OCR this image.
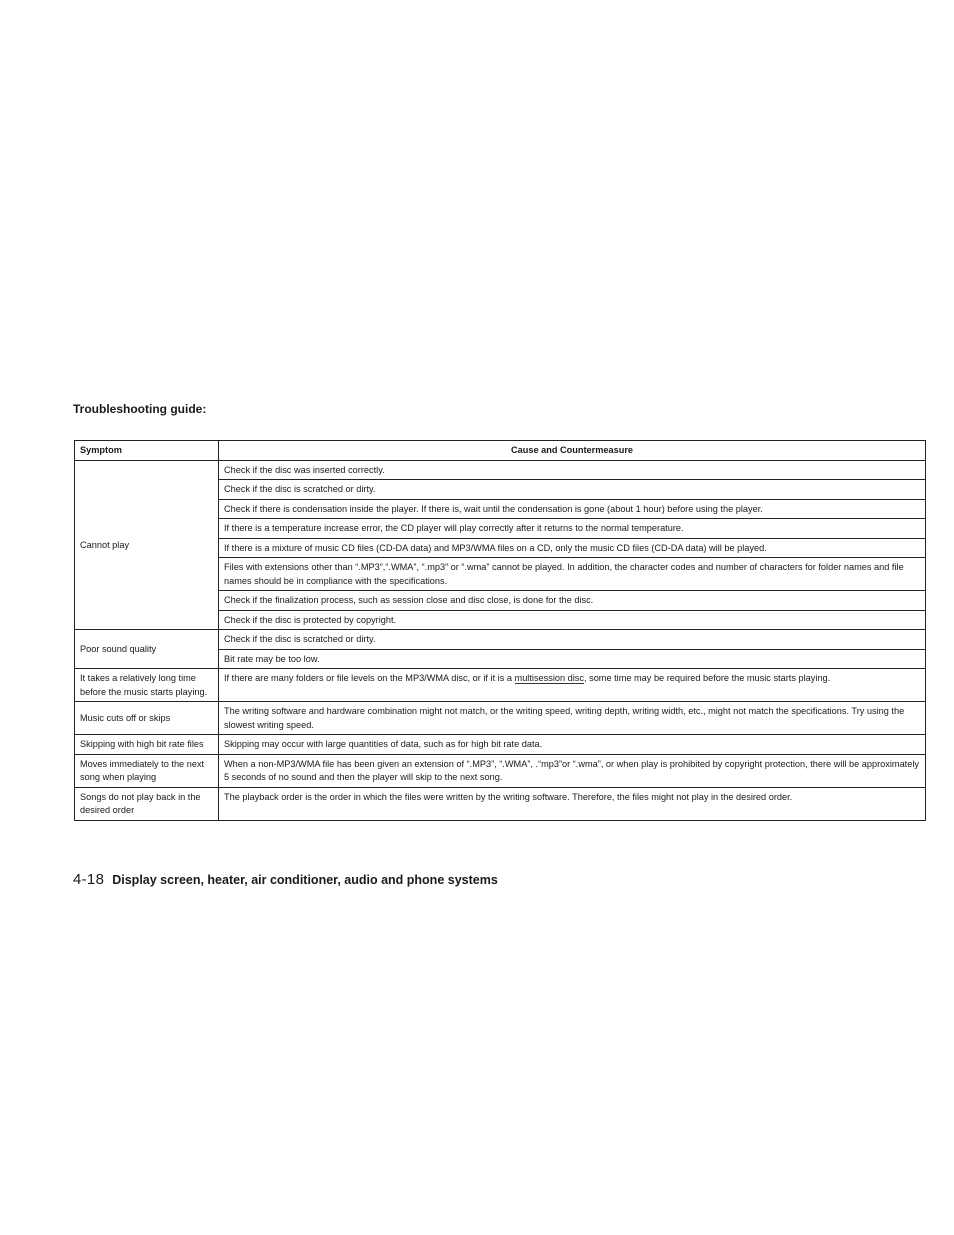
Troubleshooting guide:
Symptom	Cause and Countermeasure
Cannot play	Check if the disc was inserted correctly.
	Check if the disc is scratched or dirty.
	Check if there is condensation inside the player. If there is, wait until the condensation is gone (about 1 hour) before using the player.
	If there is a temperature increase error, the CD player will play correctly after it returns to the normal temperature.
	If there is a mixture of music CD files (CD-DA data) and MP3/WMA files on a CD, only the music CD files (CD-DA data) will be played.
	Files with extensions other than “.MP3”,“.WMA”, “.mp3” or “.wma” cannot be played. In addition, the character codes and number of characters for folder names and file names should be in compliance with the specifications.
	Check if the finalization process, such as session close and disc close, is done for the disc.
	Check if the disc is protected by copyright.
Poor sound quality	Check if the disc is scratched or dirty.
	Bit rate may be too low.
It takes a relatively long time before the music starts playing.	If there are many folders or file levels on the MP3/WMA disc, or if it is a multisession disc, some time may be required before the music starts playing.
Music cuts off or skips	The writing software and hardware combination might not match, or the writing speed, writing depth, writing width, etc., might not match the specifications. Try using the slowest writing speed.
Skipping with high bit rate files	Skipping may occur with large quantities of data, such as for high bit rate data.
Moves immediately to the next song when playing	When a non-MP3/WMA file has been given an extension of “.MP3”, “.WMA”, .“mp3”or “.wma”, or when play is prohibited by copyright protection, there will be approximately 5 seconds of no sound and then the player will skip to the next song.
Songs do not play back in the desired order	The playback order is the order in which the files were written by the writing software. Therefore, the files might not play in the desired order.
4-18 Display screen, heater, air conditioner, audio and phone systems
